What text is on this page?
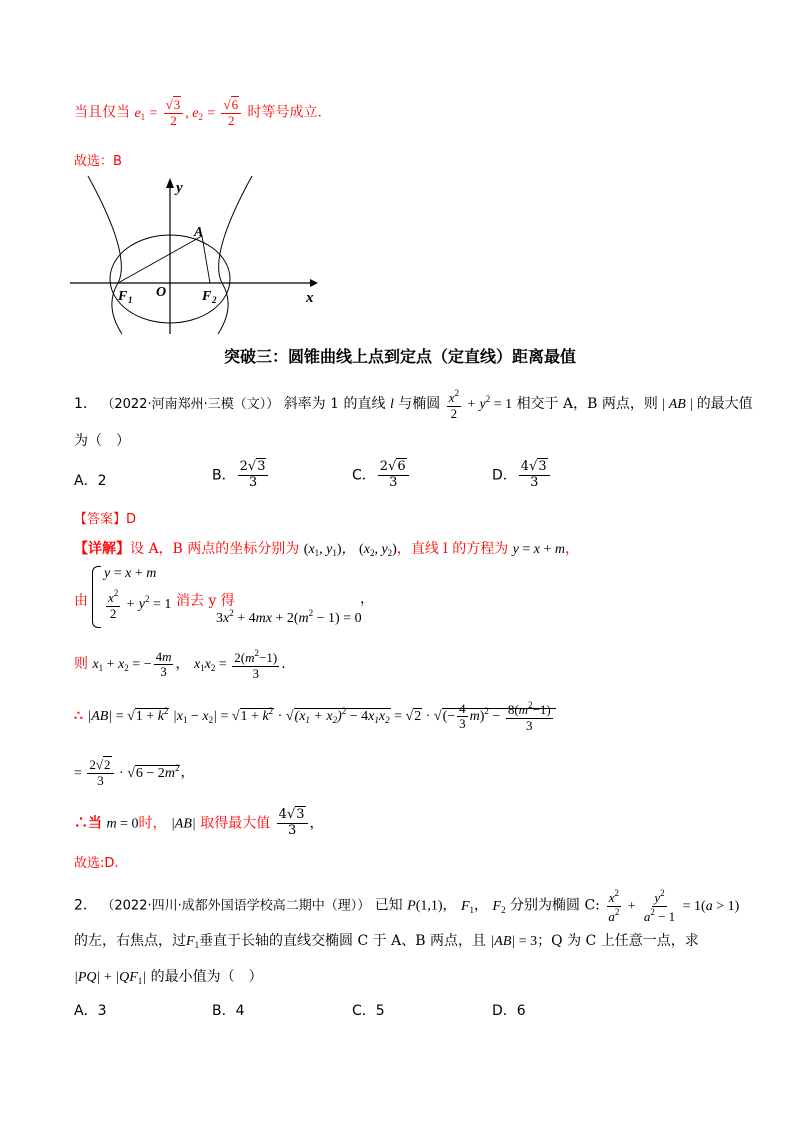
当且仅当 $e_1 = \frac{√3}{2}$ , $e_2 = \frac{√6}{2}$ 时等号成立.
故选：B
y
x
A
O
F 1	F 2
突破三：圆锥曲线上点到定点（定直线）距离最值
1． （2022·河南郑州·三模（文）） 斜率为 1 的直线 l 与椭圆 $\frac{x^2}{2} + y^2 = 1$ 相交于 A，B 两点，则 | AB | 的最大值
为（　）
A．2	B． $\frac{2√3}{3}$	C． $\frac{2√6}{3}$	D． $\frac{4√3}{3}$
【答案】D
【详解】设 A，B 两点的坐标分别为 ($x_1$, $y_1$)， ($x_2$, $y_2$)，直线 l 的方程为 y = x + m，
由
y = x + m
$\frac{x^2}{2} + y^2 = 1$ 消去 y 得
$3x^2 + 4mx + 2(m^2 - 1) = 0$
，
则 $x_1 + x_2$ = − $\frac{4m}{3}$ ， $x_1x_2 = \frac{2(m^2-1)}{3}$ .
∴ $|AB| = √1 + k^2$ $|x_1 - x_2| = √1 + k^2 \cdot √(x_1 + x_2)^2 - 4x_1x_2 = √2$ · √(− $\frac{4}{3} m)^2 - \frac{8(m^2-1)}{3}$
= $\frac{2√2}{3} \cdot √6 - 2m^2$，
∴当 m = 0时， |AB| 取得最大值 $\frac{4√3}{3}$ ，
故选:D.
2． （2022·四川·成都外国语学校高二期中（理）） 已知 P(1,1)， $F_1$， $F_2$ 分别为椭圆 C: $\frac{x^2}{a^2} + \frac{y^2}{a^2 - 1} = 1(a > 1)$
的左，右焦点，过$F_1$垂直于长轴的直线交椭圆 C 于 A、B 两点，且 |AB| = 3；Q 为 C 上任意一点，求
$|PQ| + |QF_1|$ 的最小值为（　）
A．3	B．4	C．5	D．6
